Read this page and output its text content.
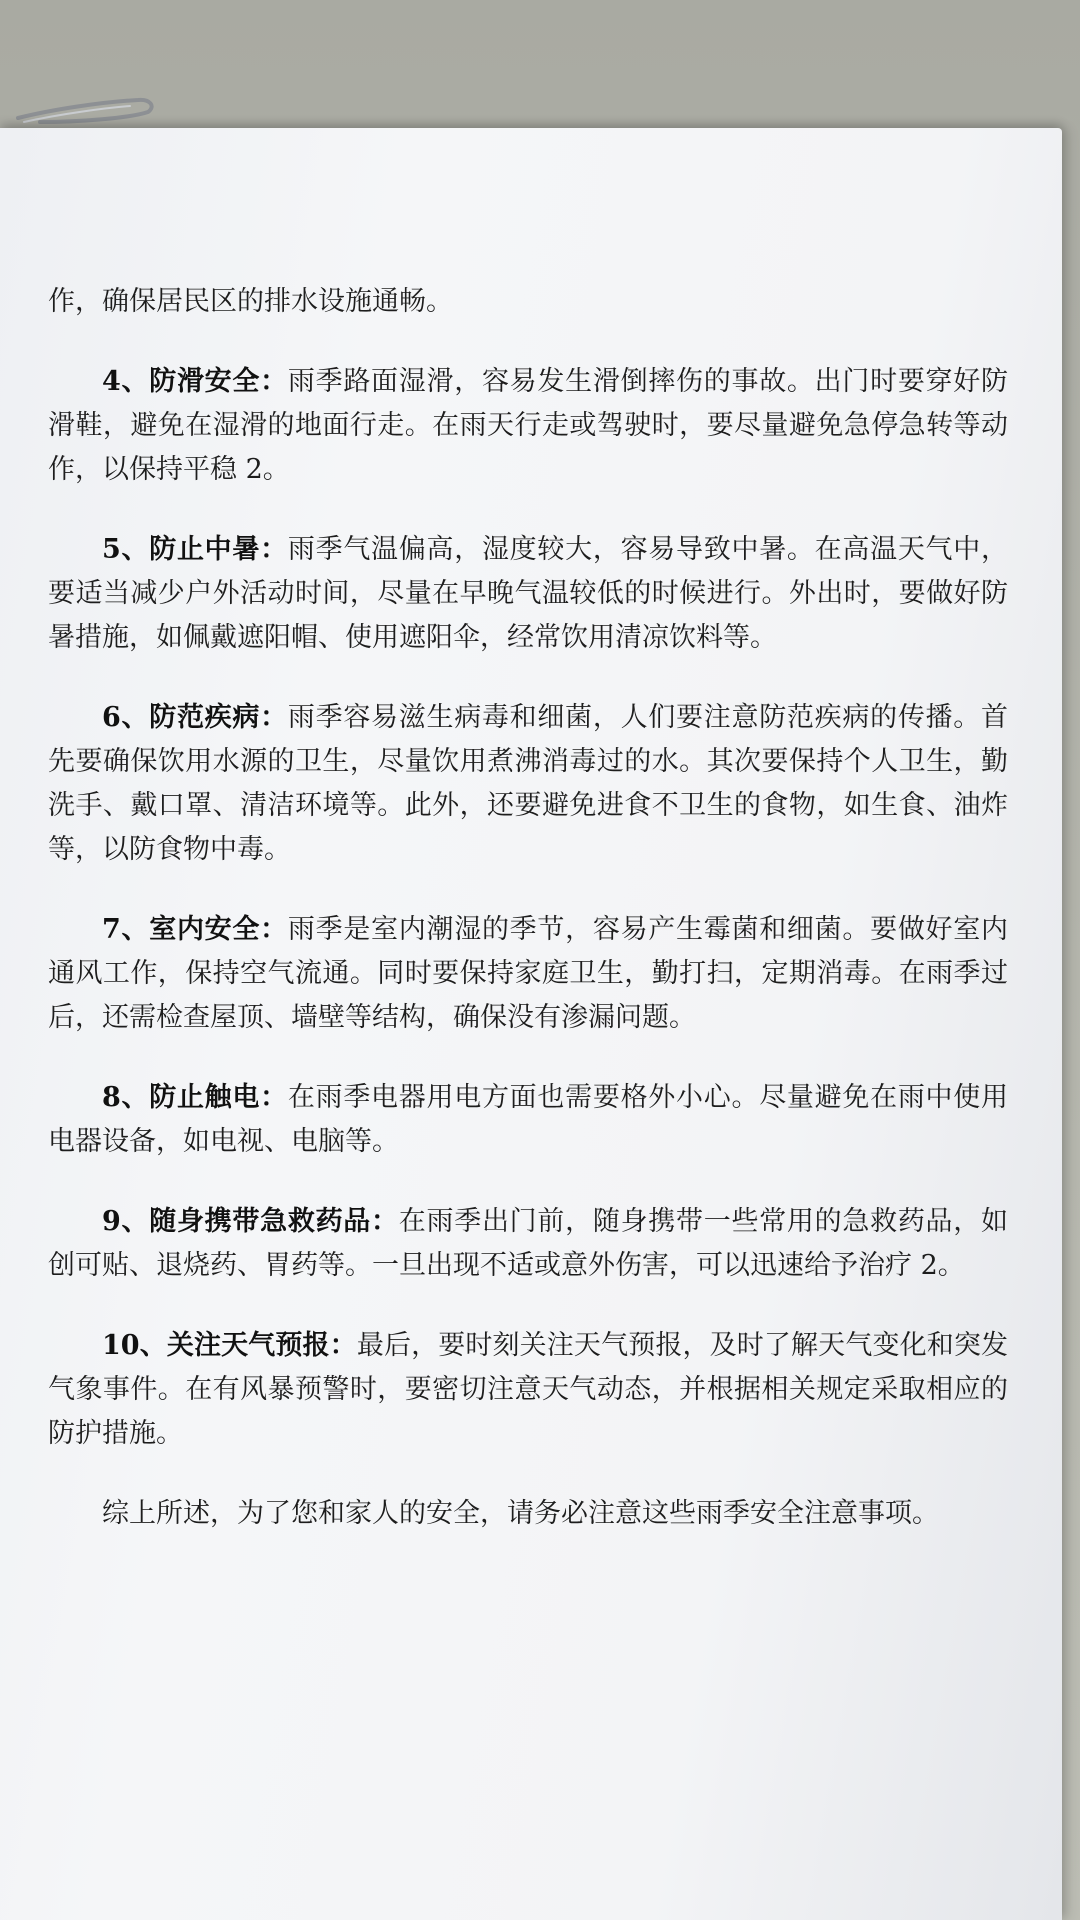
作，确保居民区的排水设施通畅。

4、防滑安全：雨季路面湿滑，容易发生滑倒摔伤的事故。出门时要穿好防滑鞋，避免在湿滑的地面行走。在雨天行走或驾驶时，要尽量避免急停急转等动作，以保持平稳 2。

5、防止中暑：雨季气温偏高，湿度较大，容易导致中暑。在高温天气中，要适当减少户外活动时间，尽量在早晚气温较低的时候进行。外出时，要做好防暑措施，如佩戴遮阳帽、使用遮阳伞，经常饮用清凉饮料等。

6、防范疾病：雨季容易滋生病毒和细菌，人们要注意防范疾病的传播。首先要确保饮用水源的卫生，尽量饮用煮沸消毒过的水。其次要保持个人卫生，勤洗手、戴口罩、清洁环境等。此外，还要避免进食不卫生的食物，如生食、油炸等，以防食物中毒。

7、室内安全：雨季是室内潮湿的季节，容易产生霉菌和细菌。要做好室内通风工作，保持空气流通。同时要保持家庭卫生，勤打扫，定期消毒。在雨季过后，还需检查屋顶、墙壁等结构，确保没有渗漏问题。

8、防止触电：在雨季电器用电方面也需要格外小心。尽量避免在雨中使用电器设备，如电视、电脑等。

9、随身携带急救药品：在雨季出门前，随身携带一些常用的急救药品，如创可贴、退烧药、胃药等。一旦出现不适或意外伤害，可以迅速给予治疗 2。

10、关注天气预报：最后，要时刻关注天气预报，及时了解天气变化和突发气象事件。在有风暴预警时，要密切注意天气动态，并根据相关规定采取相应的防护措施。

综上所述，为了您和家人的安全，请务必注意这些雨季安全注意事项。
